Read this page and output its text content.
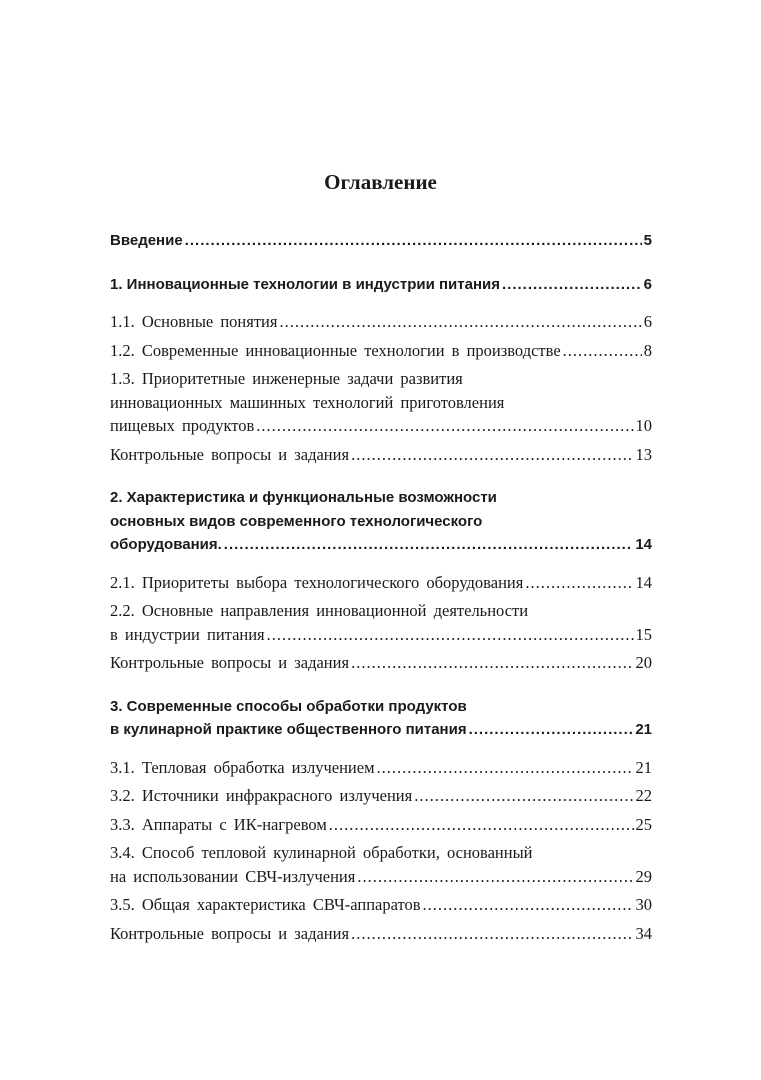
Оглавление
Введение .....	5
1. Инновационные технологии в индустрии питания .....	6
1.1. Основные понятия .....	6
1.2. Современные инновационные технологии в производстве .....	8
1.3. Приоритетные инженерные задачи развития
инновационных машинных технологий приготовления
пищевых продуктов .....	10
Контрольные вопросы и задания .....	13
2. Характеристика и функциональные возможности
основных видов современного технологического
оборудования. .....	14
2.1. Приоритеты выбора технологического оборудования .....	14
2.2. Основные направления инновационной деятельности
в индустрии питания .....	15
Контрольные вопросы и задания .....	20
3. Современные способы обработки продуктов
в кулинарной практике общественного питания .....	21
3.1. Тепловая обработка излучением .....	21
3.2. Источники инфракрасного излучения .....	22
3.3. Аппараты с ИК-нагревом .....	25
3.4. Способ тепловой кулинарной обработки, основанный
на использовании СВЧ-излучения .....	29
3.5. Общая характеристика СВЧ-аппаратов .....	30
Контрольные вопросы и задания .....	34
